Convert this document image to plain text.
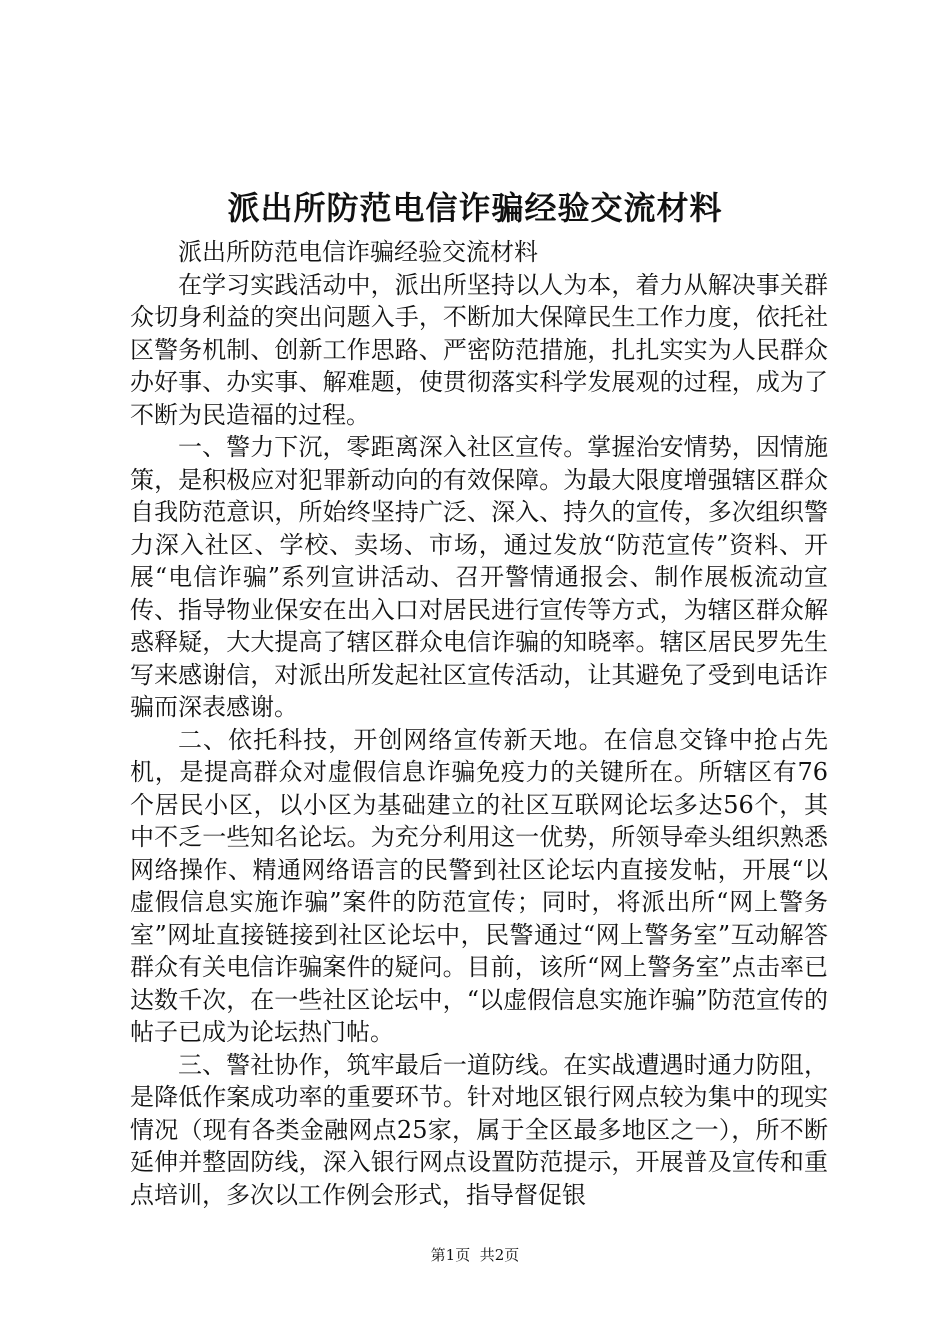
派出所防范电信诈骗经验交流材料

派出所防范电信诈骗经验交流材料

在学习实践活动中，派出所坚持以人为本，着力从解决事关群众切身利益的突出问题入手，不断加大保障民生工作力度，依托社区警务机制、创新工作思路、严密防范措施，扎扎实实为人民群众办好事、办实事、解难题，使贯彻落实科学发展观的过程，成为了不断为民造福的过程。

一、警力下沉，零距离深入社区宣传。掌握治安情势，因情施策，是积极应对犯罪新动向的有效保障。为最大限度增强辖区群众自我防范意识，所始终坚持广泛、深入、持久的宣传，多次组织警力深入社区、学校、卖场、市场，通过发放“防范宣传”资料、开展“电信诈骗”系列宣讲活动、召开警情通报会、制作展板流动宣传、指导物业保安在出入口对居民进行宣传等方式，为辖区群众解惑释疑，大大提高了辖区群众电信诈骗的知晓率。辖区居民罗先生写来感谢信，对派出所发起社区宣传活动，让其避免了受到电话诈骗而深表感谢。

二、依托科技，开创网络宣传新天地。在信息交锋中抢占先机，是提高群众对虚假信息诈骗免疫力的关键所在。所辖区有76个居民小区，以小区为基础建立的社区互联网论坛多达56个，其中不乏一些知名论坛。为充分利用这一优势，所领导牵头组织熟悉网络操作、精通网络语言的民警到社区论坛内直接发帖，开展“以虚假信息实施诈骗”案件的防范宣传；同时，将派出所“网上警务室”网址直接链接到社区论坛中，民警通过“网上警务室”互动解答群众有关电信诈骗案件的疑问。目前，该所“网上警务室”点击率已达数千次，在一些社区论坛中，“以虚假信息实施诈骗”防范宣传的帖子已成为论坛热门帖。

三、警社协作，筑牢最后一道防线。在实战遭遇时通力防阻，是降低作案成功率的重要环节。针对地区银行网点较为集中的现实情况（现有各类金融网点25家，属于全区最多地区之一），所不断延伸并整固防线，深入银行网点设置防范提示，开展普及宣传和重点培训，多次以工作例会形式，指导督促银

第1页 共2页
